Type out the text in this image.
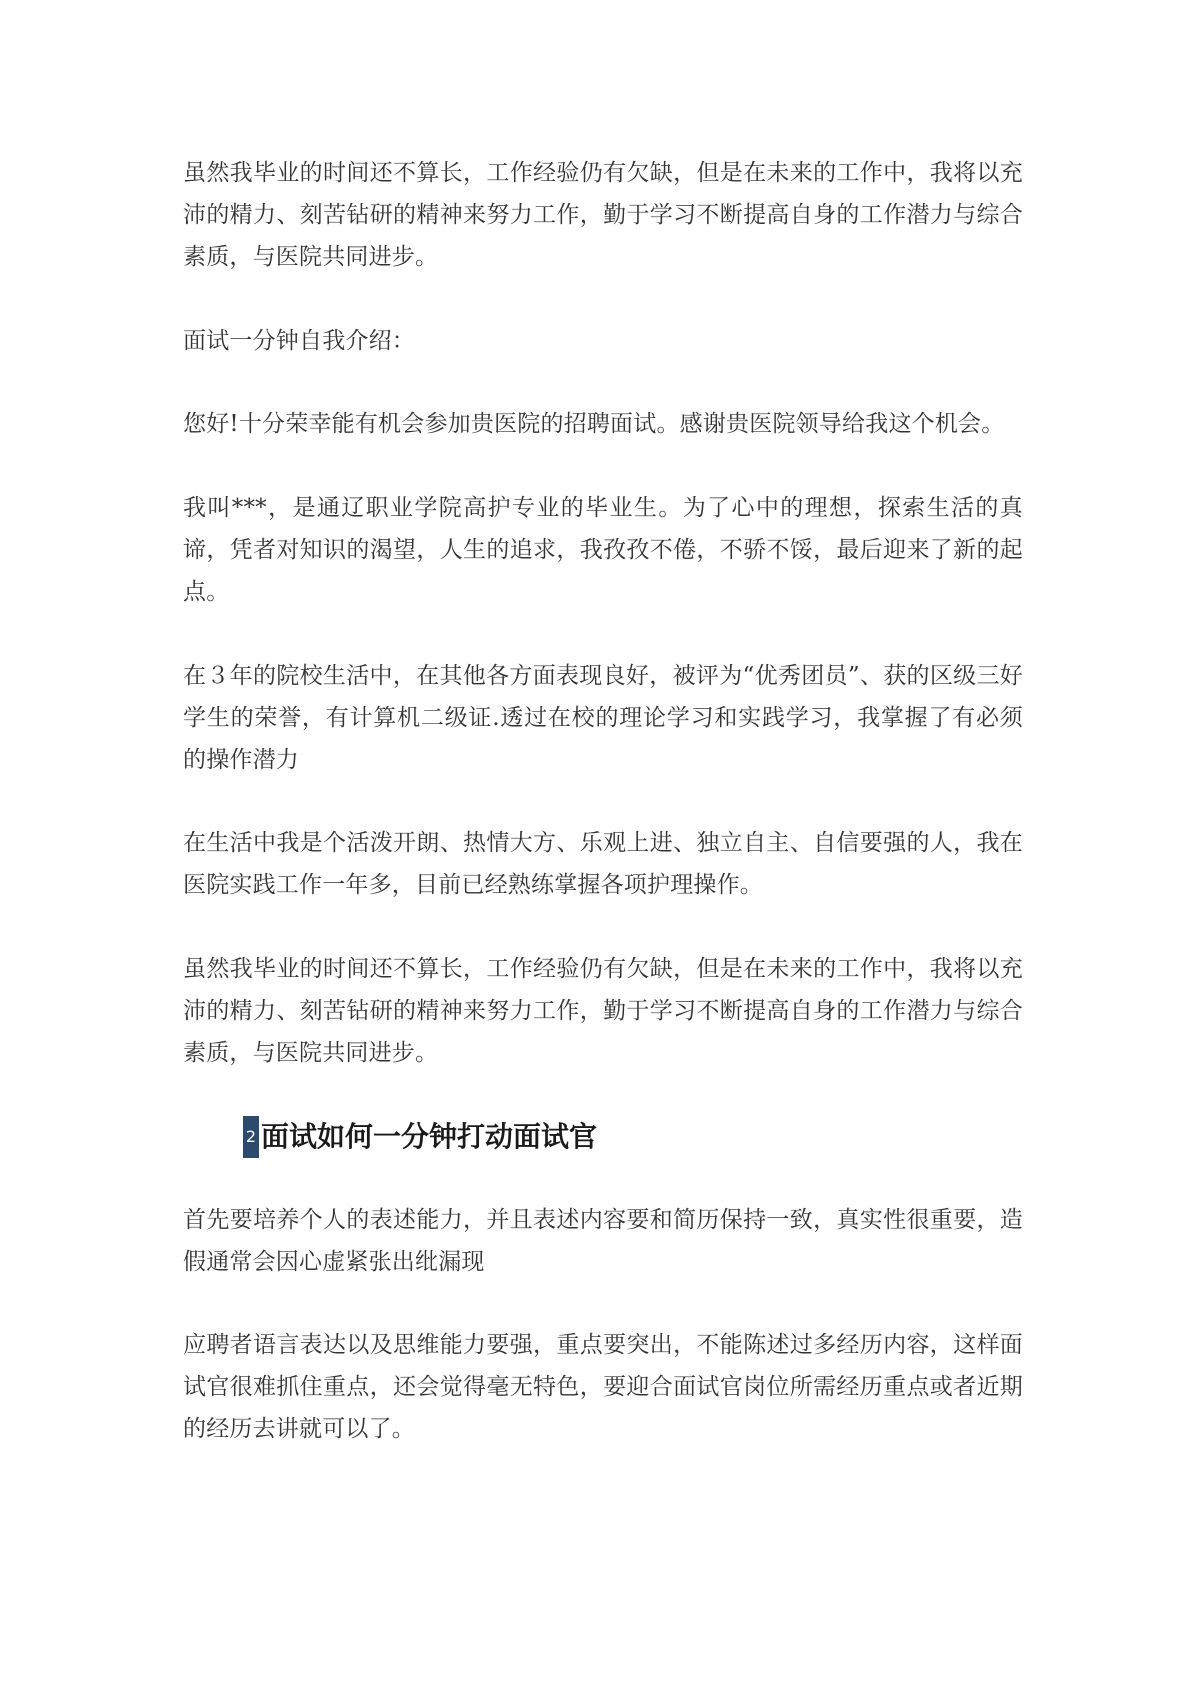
虽然我毕业的时间还不算长，工作经验仍有欠缺，但是在未来的工作中，我将以充沛的精力、刻苦钻研的精神来努力工作，勤于学习不断提高自身的工作潜力与综合素质，与医院共同进步。

面试一分钟自我介绍：

您好!十分荣幸能有机会参加贵医院的招聘面试。感谢贵医院领导给我这个机会。

我叫***，是通辽职业学院高护专业的毕业生。为了心中的理想，探索生活的真谛，凭者对知识的渴望，人生的追求，我孜孜不倦，不骄不馁，最后迎来了新的起点。

在３年的院校生活中，在其他各方面表现良好，被评为“优秀团员”、获的区级三好学生的荣誉，有计算机二级证.透过在校的理论学习和实践学习，我掌握了有必须的操作潜力

在生活中我是个活泼开朗、热情大方、乐观上进、独立自主、自信要强的人，我在医院实践工作一年多，目前已经熟练掌握各项护理操作。

虽然我毕业的时间还不算长，工作经验仍有欠缺，但是在未来的工作中，我将以充沛的精力、刻苦钻研的精神来努力工作，勤于学习不断提高自身的工作潜力与综合素质，与医院共同进步。

2 面试如何一分钟打动面试官

首先要培养个人的表述能力，并且表述内容要和简历保持一致，真实性很重要，造假通常会因心虚紧张出纰漏现

应聘者语言表达以及思维能力要强，重点要突出，不能陈述过多经历内容，这样面试官很难抓住重点，还会觉得毫无特色，要迎合面试官岗位所需经历重点或者近期的经历去讲就可以了。
